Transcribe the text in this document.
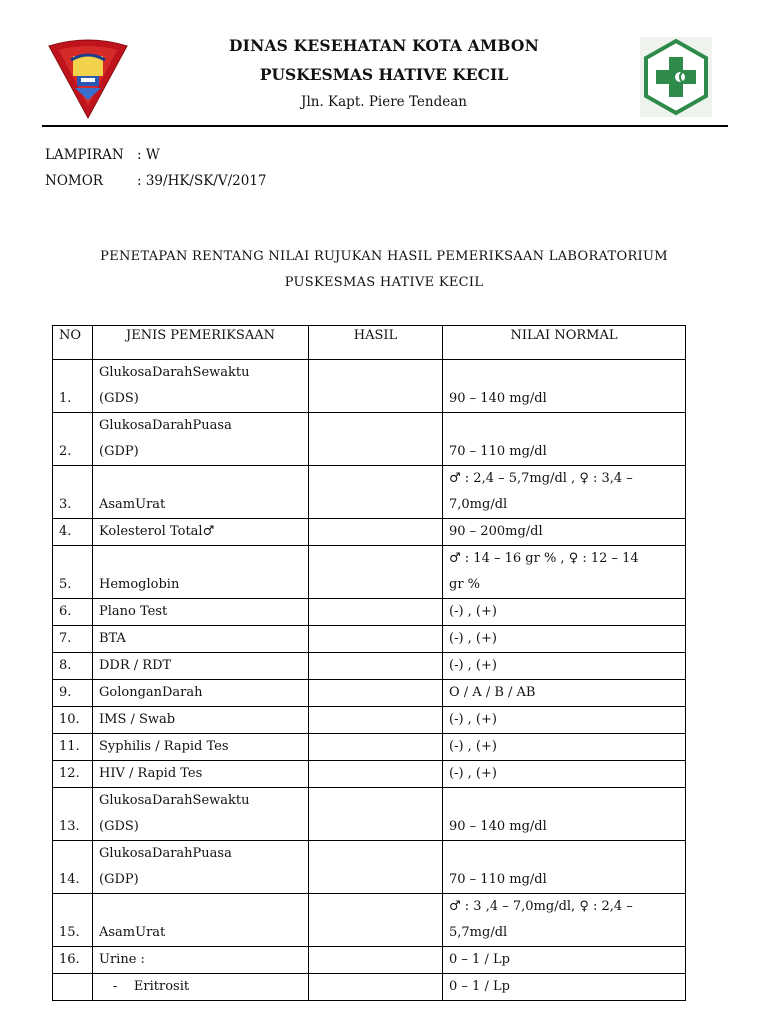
DINAS KESEHATAN KOTA AMBON
PUSKESMAS HATIVE KECIL
Jln. Kapt. Piere Tendean
LAMPIRAN : W
NOMOR	: 39/HK/SK/V/2017
PENETAPAN RENTANG NILAI RUJUKAN HASIL PEMERIKSAAN LABORATORIUM
PUSKESMAS HATIVE KECIL
NO	JENIS PEMERIKSAAN	HASIL	NILAI NORMAL
1.	GlukosaDarahSewaktu
(GDS)		90 – 140 mg/dl

2.	GlukosaDarahPuasa
(GDP)		70 – 110 mg/dl

3.	AsamUrat		♂ : 2,4 – 5,7mg/dl , ♀ : 3,4 –
7,0mg/dl

4.	Kolesterol Total♂		90 – 200mg/dl

5.	Hemoglobin		♂ : 14 – 16 gr % , ♀ : 12 – 14
gr %

6.	Plano Test		(-) , (+)

7.	BTA		(-) , (+)

8.	DDR / RDT		(-) , (+)

9.	GolonganDarah		O / A / B / AB

10.	IMS / Swab		(-) , (+)

11.	Syphilis / Rapid Tes		(-) , (+)

12.	HIV / Rapid Tes		(-) , (+)

13.	GlukosaDarahSewaktu
(GDS)		90 – 140 mg/dl

14.	GlukosaDarahPuasa
(GDP)		70 – 110 mg/dl

15.	AsamUrat		♂ : 3 ,4 – 7,0mg/dl, ♀ : 2,4 –
5,7mg/dl

16.	Urine :		0 – 1 / Lp

	-    Eritrosit		0 – 1 / Lp
